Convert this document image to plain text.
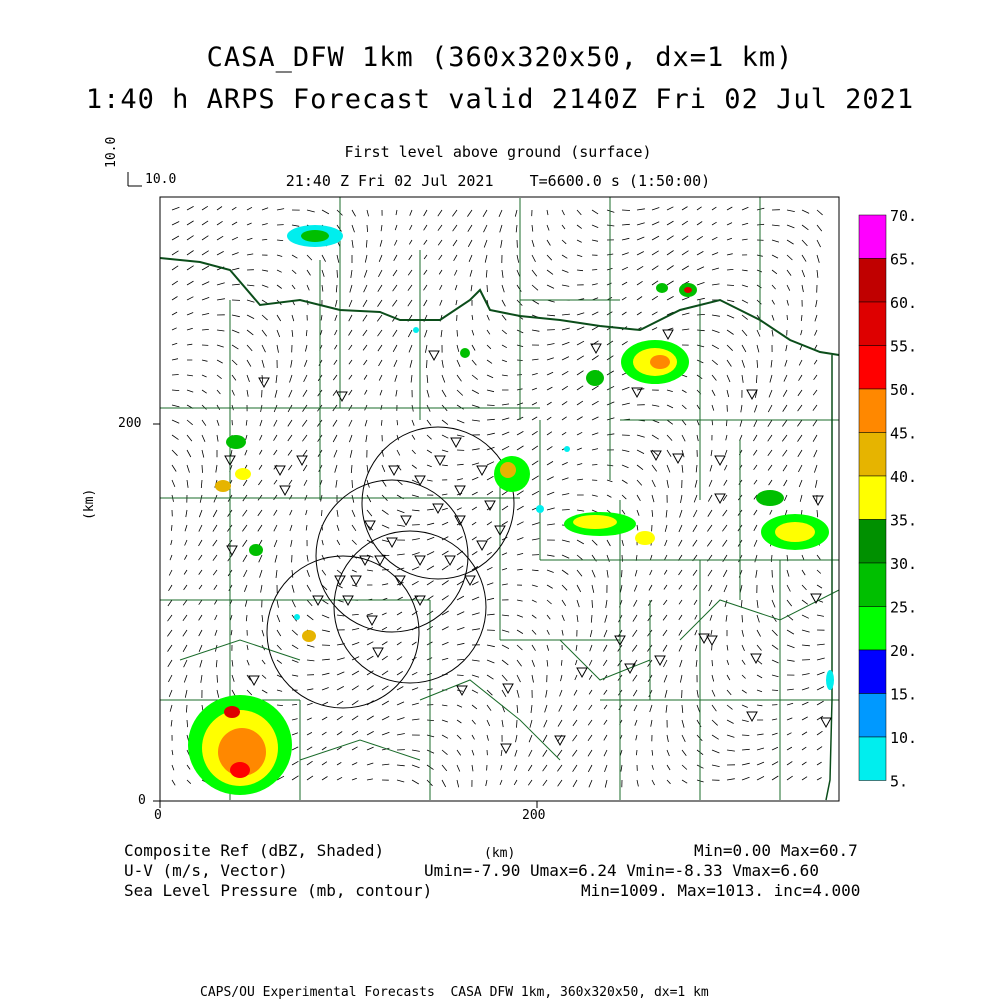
70.
65.
60.
55.
50.
45.
40.
35.
30.
25.
20.
15.
10.
5.
CASA_DFW 1km (360x320x50, dx=1 km)
1:40 h ARPS Forecast valid 2140Z Fri 02 Jul 2021
First level above ground (surface)
21:40 Z Fri 02 Jul 2021    T=6600.0 s (1:50:00)
10.0
10.0
0	200
0
200
(km)
(km)
Composite Ref (dBZ, Shaded)	Min=0.00 Max=60.7
U-V (m/s, Vector)	Umin=-7.90 Umax=6.24 Vmin=-8.33 Vmax=6.60
Sea Level Pressure (mb, contour)	Min=1009. Max=1013. inc=4.000
CAPS/OU Experimental Forecasts  CASA DFW 1km, 360x320x50, dx=1 km
